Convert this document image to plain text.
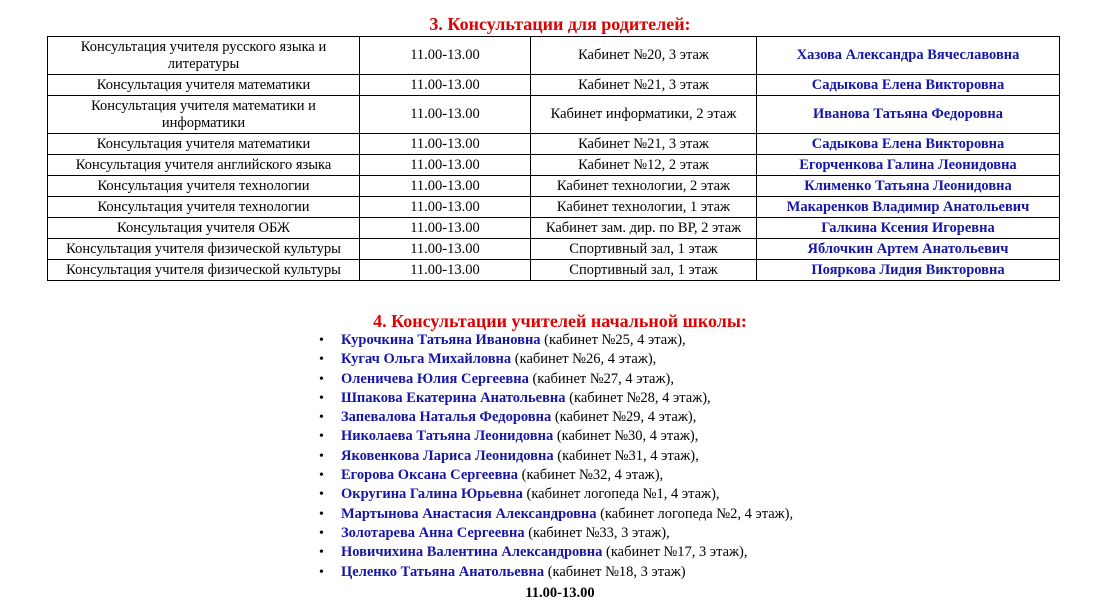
3. Консультации для родителей:
Консультация учителя русского языка и литературы	11.00-13.00	Кабинет №20, 3 этаж	Хазова Александра Вячеславовна
Консультация учителя математики	11.00-13.00	Кабинет №21, 3 этаж	Садыкова Елена Викторовна
Консультация учителя математики и информатики	11.00-13.00	Кабинет информатики, 2 этаж	Иванова Татьяна Федоровна
Консультация учителя математики	11.00-13.00	Кабинет №21, 3 этаж	Садыкова Елена Викторовна
Консультация учителя английского языка	11.00-13.00	Кабинет №12, 2 этаж	Егорченкова Галина Леонидовна
Консультация учителя технологии	11.00-13.00	Кабинет технологии, 2 этаж	Клименко Татьяна Леонидовна
Консультация учителя технологии	11.00-13.00	Кабинет технологии, 1 этаж	Макаренков Владимир Анатольевич
Консультация учителя ОБЖ	11.00-13.00	Кабинет зам. дир. по ВР, 2 этаж	Галкина Ксения Игоревна
Консультация учителя физической культуры	11.00-13.00	Спортивный зал, 1 этаж	Яблочкин Артем Анатольевич
Консультация учителя физической культуры	11.00-13.00	Спортивный зал, 1 этаж	Пояркова Лидия Викторовна
4. Консультации учителей начальной школы:
• Курочкина Татьяна Ивановна (кабинет №25, 4 этаж),
• Кугач Ольга Михайловна (кабинет №26, 4 этаж),
• Оленичева Юлия Сергеевна (кабинет №27, 4 этаж),
• Шпакова Екатерина Анатольевна (кабинет №28, 4 этаж),
• Запевалова Наталья Федоровна (кабинет №29, 4 этаж),
• Николаева Татьяна Леонидовна (кабинет №30, 4 этаж),
• Яковенкова Лариса Леонидовна (кабинет №31, 4 этаж),
• Егорова Оксана Сергеевна (кабинет №32, 4 этаж),
• Округина Галина Юрьевна (кабинет логопеда №1, 4 этаж),
• Мартынова Анастасия Александровна (кабинет логопеда №2, 4 этаж),
• Золотарева Анна Сергеевна (кабинет №33, 3 этаж),
• Новичихина Валентина Александровна (кабинет №17, 3 этаж),
• Целенко Татьяна Анатольевна (кабинет №18, 3 этаж)
11.00-13.00
